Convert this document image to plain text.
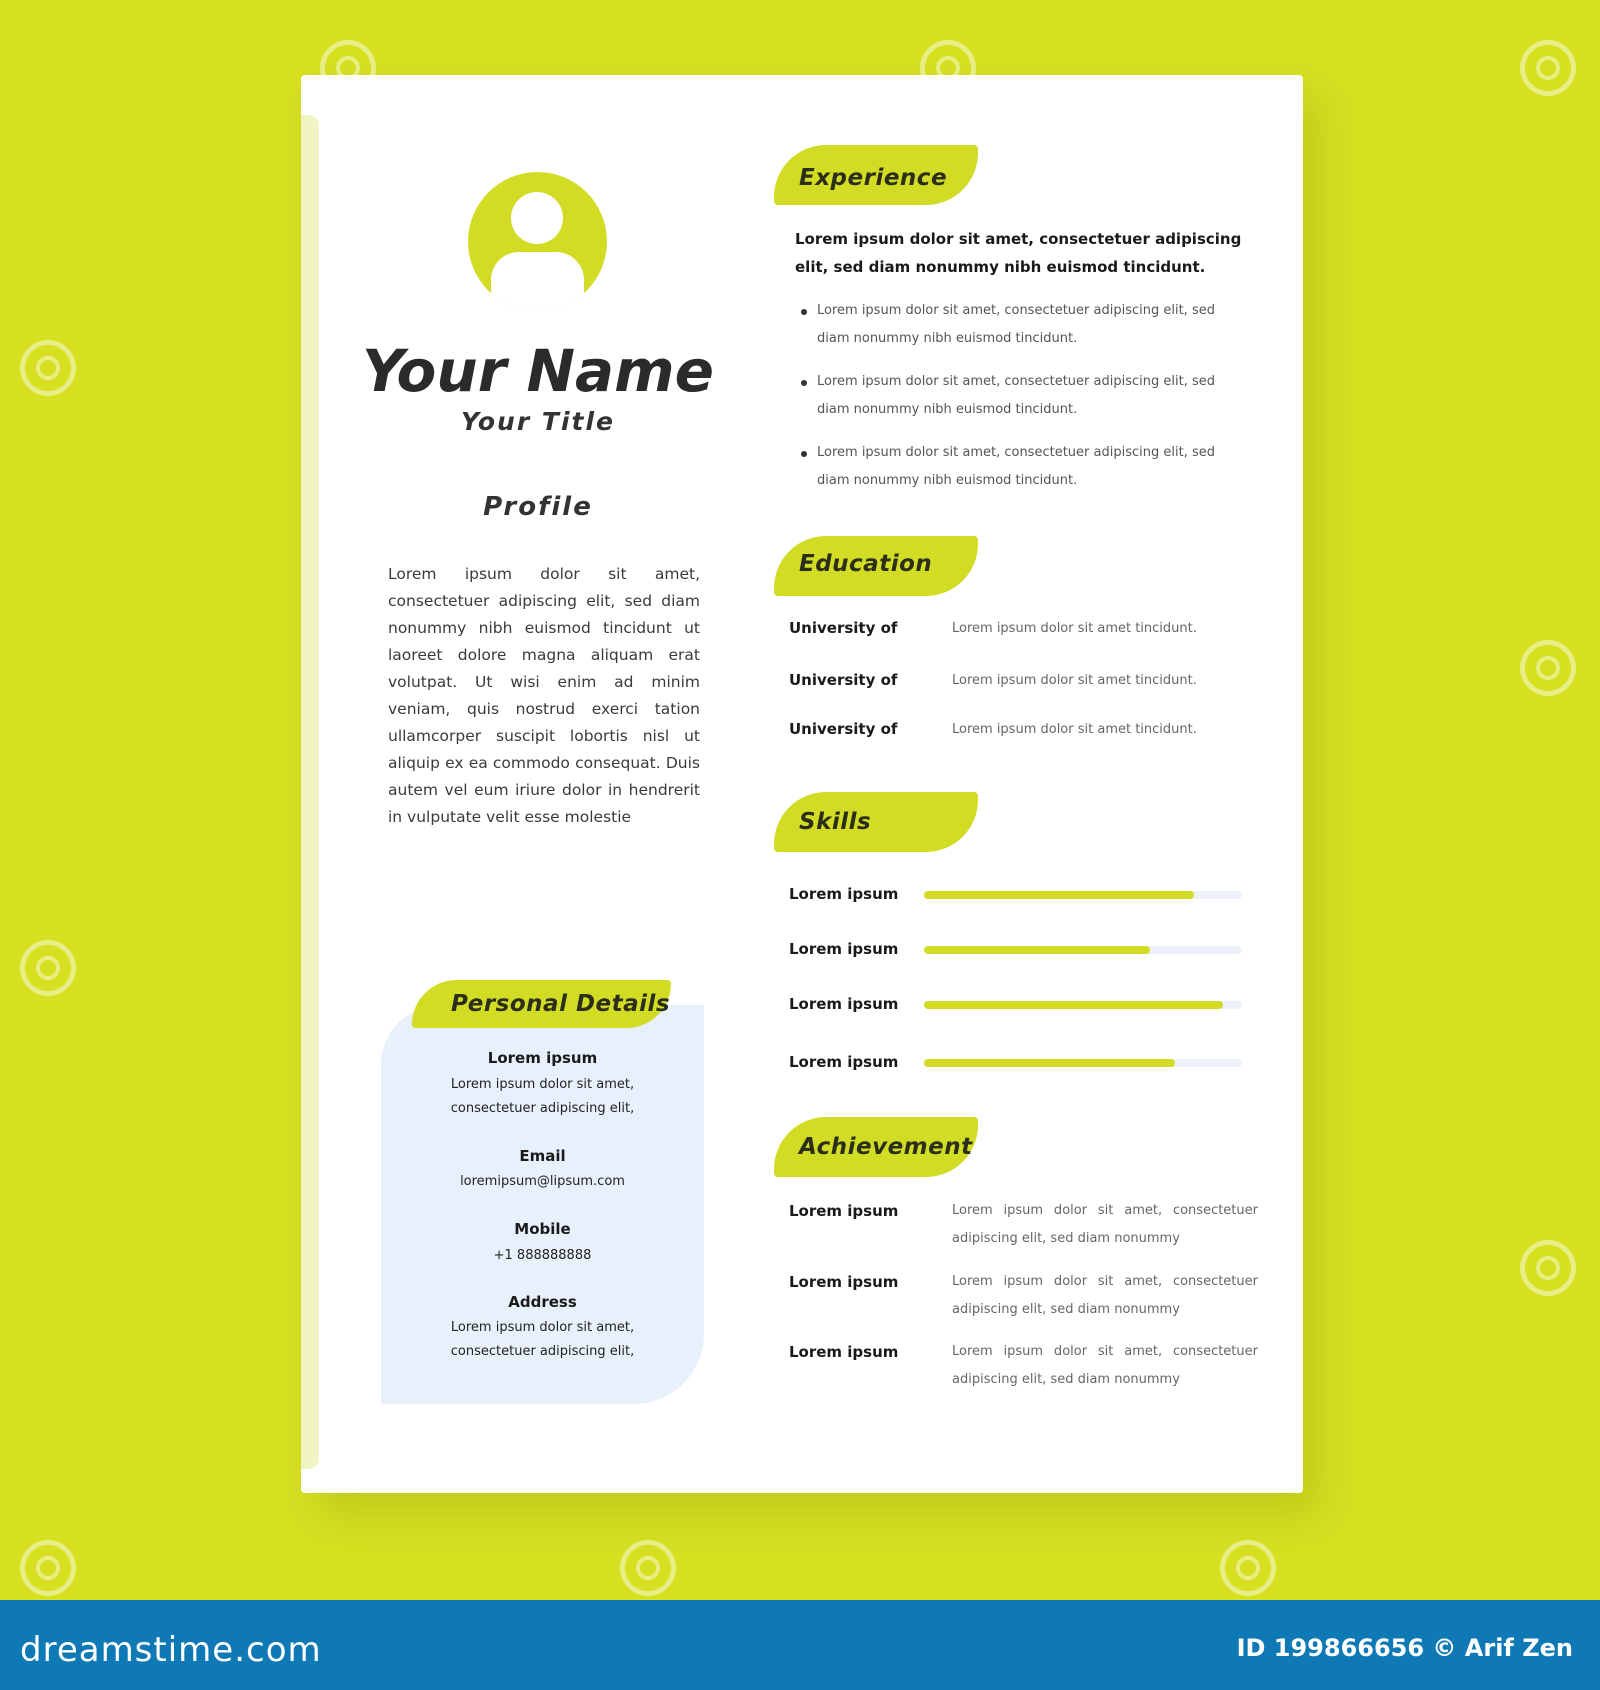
Your Name
Your Title
Profile
Lorem ipsum dolor sit amet, consectetuer adipiscing elit, sed diam nonummy nibh euismod tincidunt ut laoreet dolore magna aliquam erat volutpat. Ut wisi enim ad minim veniam, quis nostrud exerci tation ullamcorper suscipit lobortis nisl ut aliquip ex ea commodo consequat. Duis autem vel eum iriure dolor in hendrerit in vulputate velit esse molestie
Personal Details
Lorem ipsum
Lorem ipsum dolor sit amet,
consectetuer adipiscing elit,
Email
loremipsum@lipsum.com
Mobile
+1 888888888
Address
Lorem ipsum dolor sit amet,
consectetuer adipiscing elit,
Experience
Lorem ipsum dolor sit amet, consectetuer adipiscing elit, sed diam nonummy nibh euismod tincidunt.
Lorem ipsum dolor sit amet, consectetuer adipiscing elit, sed diam nonummy nibh euismod tincidunt.
Lorem ipsum dolor sit amet, consectetuer adipiscing elit, sed diam nonummy nibh euismod tincidunt.
Lorem ipsum dolor sit amet, consectetuer adipiscing elit, sed diam nonummy nibh euismod tincidunt.
Education
University of	Lorem ipsum dolor sit amet tincidunt.
University of	Lorem ipsum dolor sit amet tincidunt.
University of	Lorem ipsum dolor sit amet tincidunt.
Skills
Lorem ipsum
Lorem ipsum
Lorem ipsum
Lorem ipsum
Achievement
Lorem ipsum	Lorem ipsum dolor sit amet, consectetuer adipiscing elit, sed diam nonummy
Lorem ipsum	Lorem ipsum dolor sit amet, consectetuer adipiscing elit, sed diam nonummy
Lorem ipsum	Lorem ipsum dolor sit amet, consectetuer adipiscing elit, sed diam nonummy
dreamstime.com	ID 199866656 © Arif Zen
